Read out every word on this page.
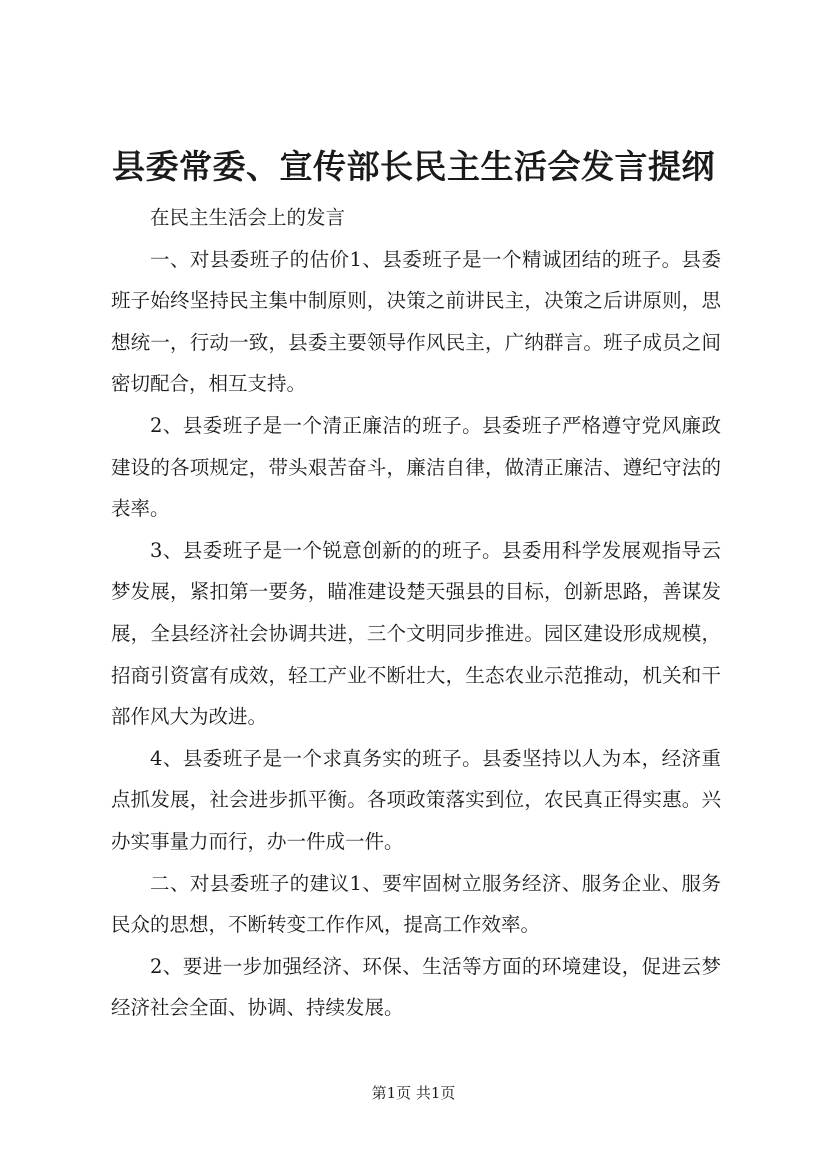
县委常委、宣传部长民主生活会发言提纲

在民主生活会上的发言

一、对县委班子的估价1、县委班子是一个精诚团结的班子。县委班子始终坚持民主集中制原则，决策之前讲民主，决策之后讲原则，思想统一，行动一致，县委主要领导作风民主，广纳群言。班子成员之间密切配合，相互支持。

2、县委班子是一个清正廉洁的班子。县委班子严格遵守党风廉政建设的各项规定，带头艰苦奋斗，廉洁自律，做清正廉洁、遵纪守法的表率。

3、县委班子是一个锐意创新的的班子。县委用科学发展观指导云梦发展，紧扣第一要务，瞄准建设楚天强县的目标，创新思路，善谋发展，全县经济社会协调共进，三个文明同步推进。园区建设形成规模，招商引资富有成效，轻工产业不断壮大，生态农业示范推动，机关和干部作风大为改进。

4、县委班子是一个求真务实的班子。县委坚持以人为本，经济重点抓发展，社会进步抓平衡。各项政策落实到位，农民真正得实惠。兴办实事量力而行，办一件成一件。

二、对县委班子的建议1、要牢固树立服务经济、服务企业、服务民众的思想，不断转变工作作风，提高工作效率。

2、要进一步加强经济、环保、生活等方面的环境建设，促进云梦经济社会全面、协调、持续发展。

第1页 共1页
